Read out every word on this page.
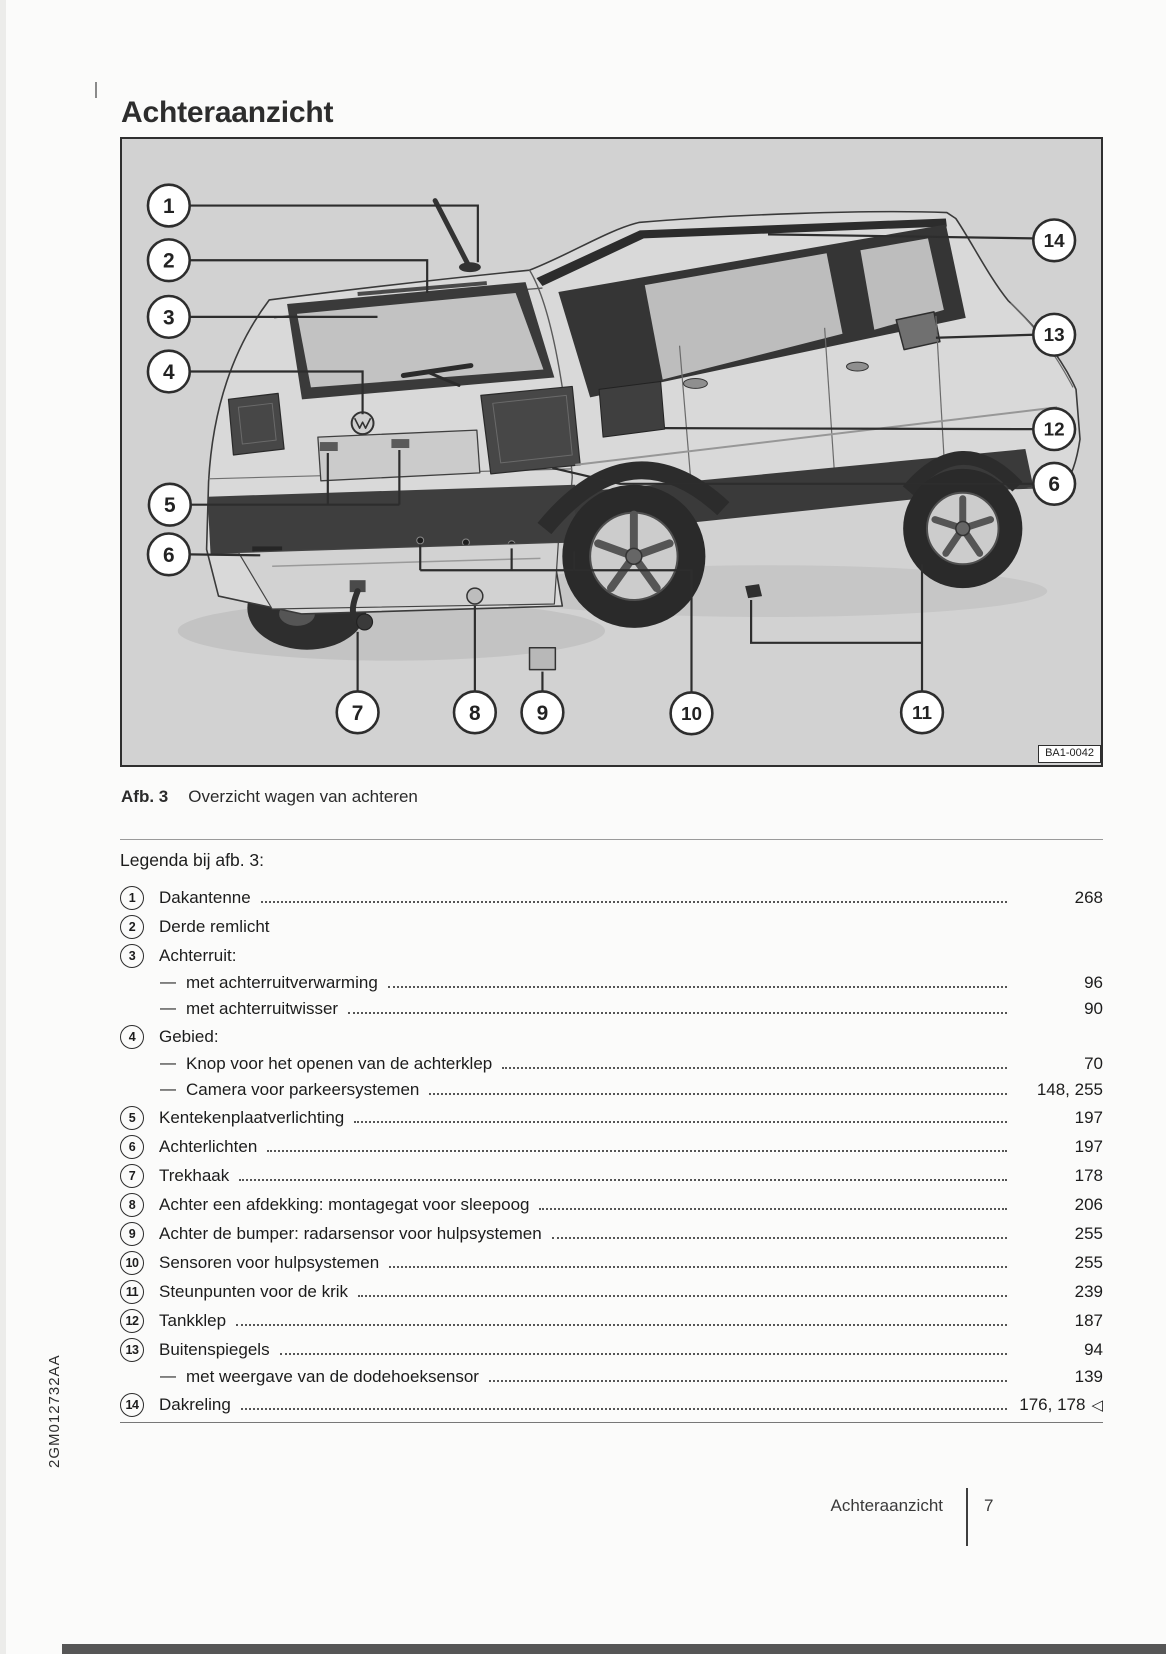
Achteraanzicht
1
2
3
4
5
6
7	8	9	10	11
12
13
14
6
BA1-0042
Afb. 3 Overzicht wagen van achteren
Legenda bij afb. 3:
1	Dakantenne	268
2	Derde remlicht
3	Achterruit:
— met achterruitverwarming	96
— met achterruitwisser	90
4	Gebied:
— Knop voor het openen van de achterklep	70
— Camera voor parkeersystemen	148, 255
5	Kentekenplaatverlichting	197
6	Achterlichten	197
7	Trekhaak	178
8	Achter een afdekking: montagegat voor sleepoog	206
9	Achter de bumper: radarsensor voor hulpsystemen	255
10	Sensoren voor hulpsystemen	255
11	Steunpunten voor de krik	239
12	Tankklep	187
13	Buitenspiegels	94
— met weergave van de dodehoeksensor	139
14	Dakreling	176, 178 ◁
2GM012732AA
Achteraanzicht 7
